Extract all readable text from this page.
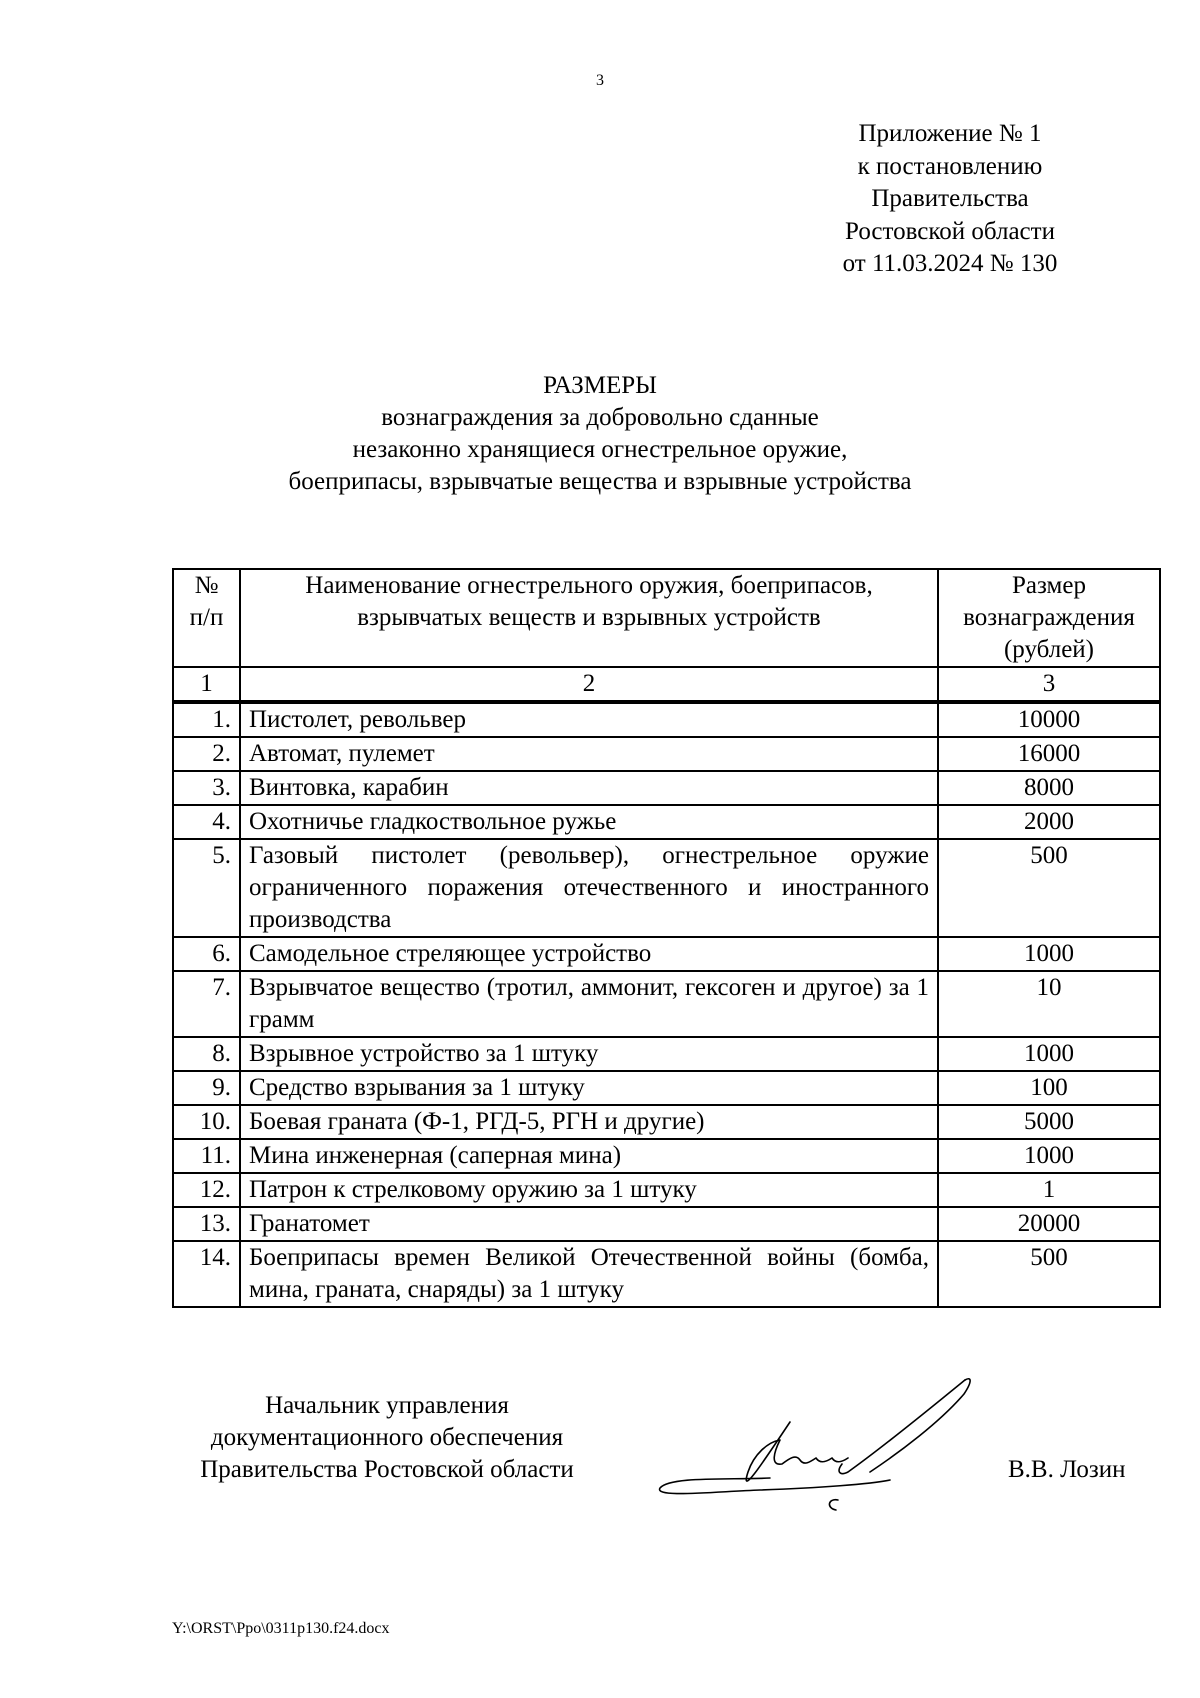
3
Приложение № 1
к постановлению
Правительства
Ростовской области
от 11.03.2024 № 130
РАЗМЕРЫ
вознаграждения за добровольно сданные
незаконно хранящиеся огнестрельное оружие,
боеприпасы, взрывчатые вещества и взрывные устройства
№ п/п	Наименование огнестрельного оружия, боеприпасов, взрывчатых веществ и взрывных устройств	Размер вознаграждения (рублей)
1	2	3
1.	Пистолет, револьвер	10000
2.	Автомат, пулемет	16000
3.	Винтовка, карабин	8000
4.	Охотничье гладкоствольное ружье	2000
5.	Газовый пистолет (револьвер), огнестрельное оружие ограниченного поражения отечественного и иностранного производства	500
6.	Самодельное стреляющее устройство	1000
7.	Взрывчатое вещество (тротил, аммонит, гексоген и другое) за 1 грамм	10
8.	Взрывное устройство за 1 штуку	1000
9.	Средство взрывания за 1 штуку	100
10.	Боевая граната (Ф-1, РГД-5, РГН и другие)	5000
11.	Мина инженерная (саперная мина)	1000
12.	Патрон к стрелковому оружию за 1 штуку	1
13.	Гранатомет	20000
14.	Боеприпасы времен Великой Отечественной войны (бомба, мина, граната, снаряды) за 1 штуку	500
Начальник управления
документационного обеспечения
Правительства Ростовской области	В.В. Лозин
Y:\ORST\Ppo\0311p130.f24.docx
